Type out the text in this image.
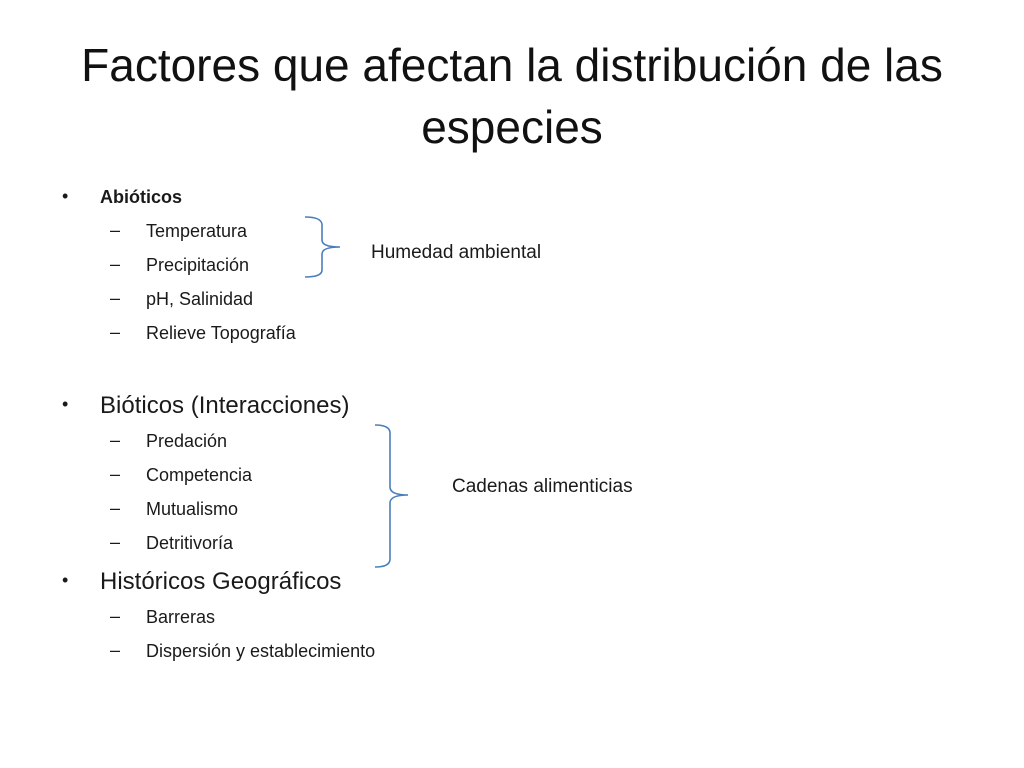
Factores que afectan la distribución de las especies
• Abióticos
– Temperatura
– Precipitación
– pH, Salinidad
– Relieve Topografía
• Bióticos (Interacciones)
– Predación
– Competencia
– Mutualismo
– Detritivoría
• Históricos Geográficos
– Barreras
– Dispersión y establecimiento
Humedad ambiental
Cadenas alimenticias
